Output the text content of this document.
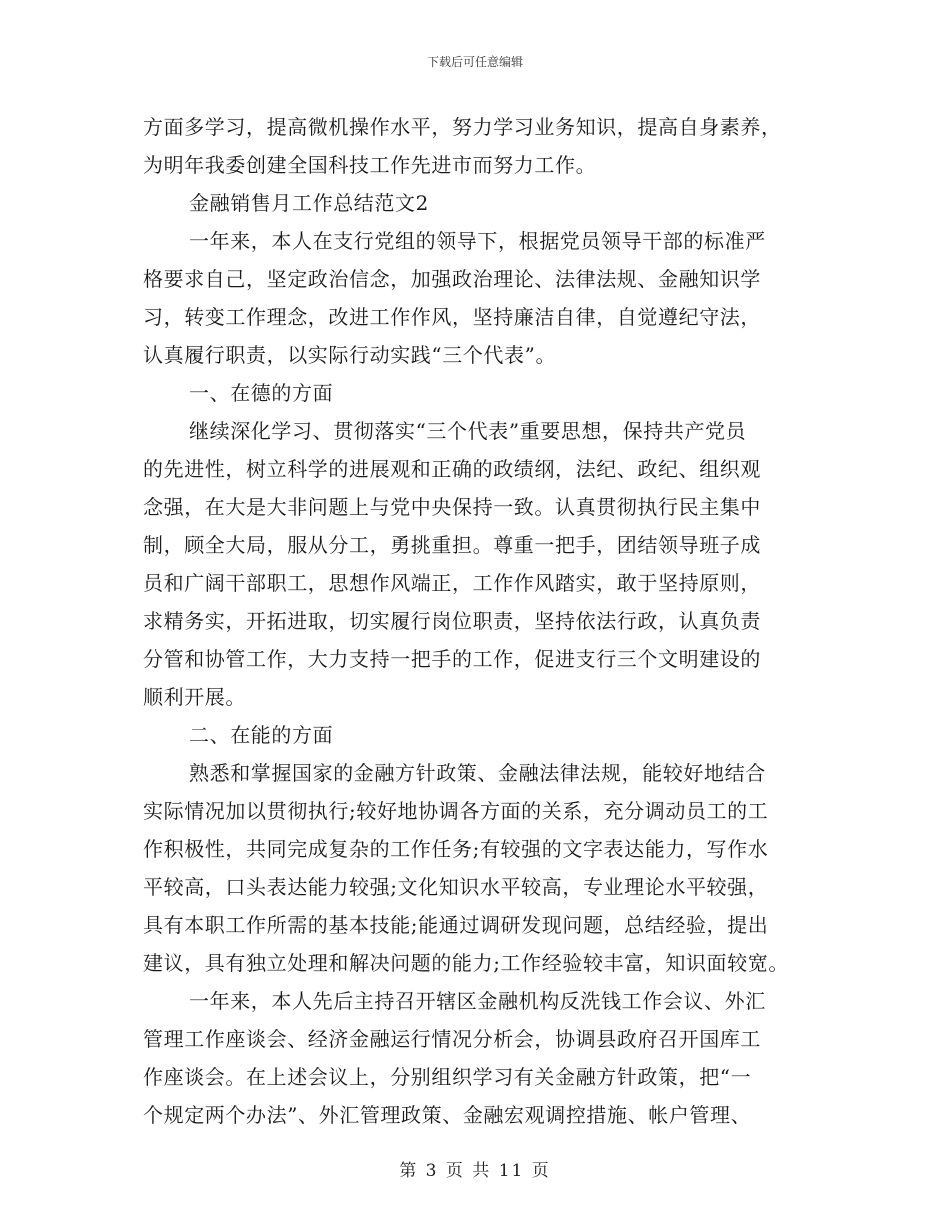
下载后可任意编辑
方面多学习，提高微机操作水平，努力学习业务知识，提高自身素养，
为明年我委创建全国科技工作先进市而努力工作。
金融销售月工作总结范文2
一年来，本人在支行党组的领导下，根据党员领导干部的标准严
格要求自己，坚定政治信念，加强政治理论、法律法规、金融知识学
习，转变工作理念，改进工作作风，坚持廉洁自律，自觉遵纪守法，
认真履行职责，以实际行动实践“三个代表”。
一、在德的方面
继续深化学习、贯彻落实“三个代表”重要思想，保持共产党员
的先进性，树立科学的进展观和正确的政绩纲，法纪、政纪、组织观
念强，在大是大非问题上与党中央保持一致。认真贯彻执行民主集中
制，顾全大局，服从分工，勇挑重担。尊重一把手，团结领导班子成
员和广阔干部职工，思想作风端正，工作作风踏实，敢于坚持原则，
求精务实，开拓进取，切实履行岗位职责，坚持依法行政，认真负责
分管和协管工作，大力支持一把手的工作，促进支行三个文明建设的
顺利开展。
二、在能的方面
熟悉和掌握国家的金融方针政策、金融法律法规，能较好地结合
实际情况加以贯彻执行;较好地协调各方面的关系，充分调动员工的工
作积极性，共同完成复杂的工作任务;有较强的文字表达能力，写作水
平较高，口头表达能力较强;文化知识水平较高，专业理论水平较强，
具有本职工作所需的基本技能;能通过调研发现问题，总结经验，提出
建议，具有独立处理和解决问题的能力;工作经验较丰富，知识面较宽。
一年来，本人先后主持召开辖区金融机构反洗钱工作会议、外汇
管理工作座谈会、经济金融运行情况分析会，协调县政府召开国库工
作座谈会。在上述会议上，分别组织学习有关金融方针政策，把“一
个规定两个办法”、外汇管理政策、金融宏观调控措施、帐户管理、
第 3 页 共 11 页
